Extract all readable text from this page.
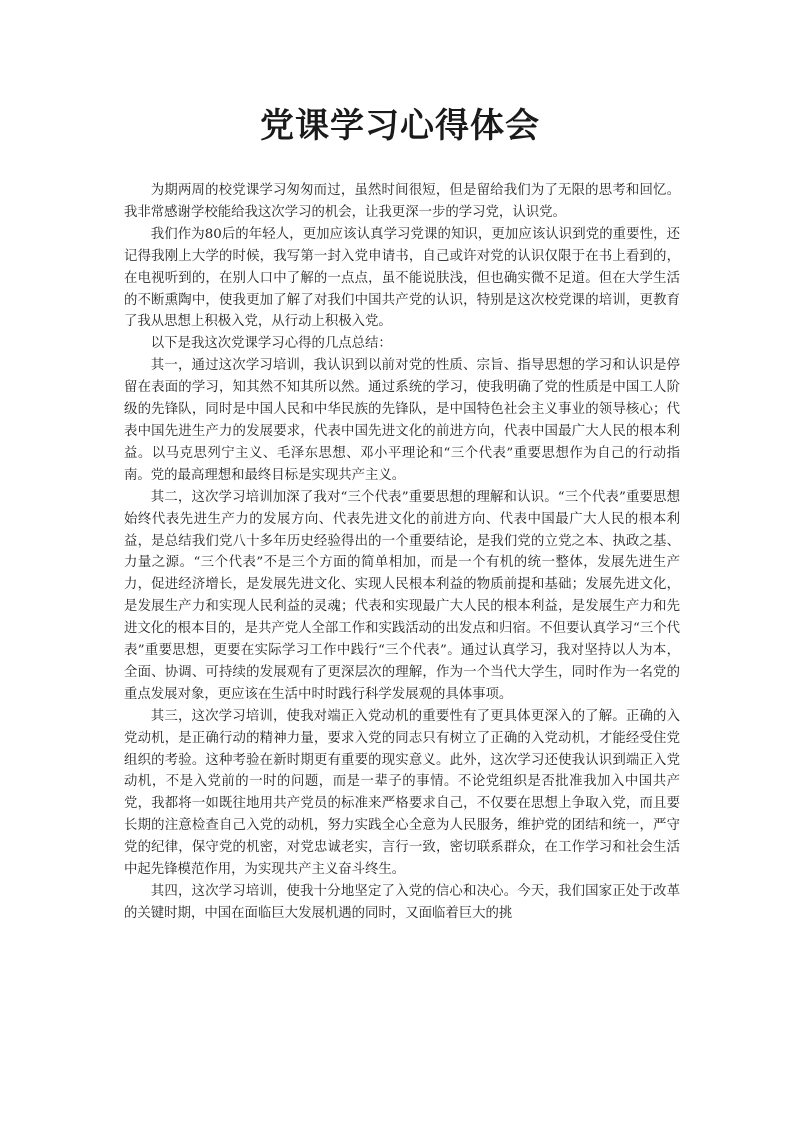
党课学习心得体会

为期两周的校党课学习匆匆而过，虽然时间很短，但是留给我们为了无限的思考和回忆。我非常感谢学校能给我这次学习的机会，让我更深一步的学习党，认识党。

我们作为80后的年轻人，更加应该认真学习党课的知识，更加应该认识到党的重要性，还记得我刚上大学的时候，我写第一封入党申请书，自己或许对党的认识仅限于在书上看到的，在电视听到的，在别人口中了解的一点点，虽不能说肤浅，但也确实微不足道。但在大学生活的不断熏陶中，使我更加了解了对我们中国共产党的认识，特别是这次校党课的培训，更教育了我从思想上积极入党，从行动上积极入党。

以下是我这次党课学习心得的几点总结：

其一，通过这次学习培训，我认识到以前对党的性质、宗旨、指导思想的学习和认识是停留在表面的学习，知其然不知其所以然。通过系统的学习，使我明确了党的性质是中国工人阶级的先锋队，同时是中国人民和中华民族的先锋队，是中国特色社会主义事业的领导核心；代表中国先进生产力的发展要求，代表中国先进文化的前进方向，代表中国最广大人民的根本利益。以马克思列宁主义、毛泽东思想、邓小平理论和“三个代表”重要思想作为自己的行动指南。党的最高理想和最终目标是实现共产主义。

其二，这次学习培训加深了我对“三个代表”重要思想的理解和认识。“三个代表”重要思想始终代表先进生产力的发展方向、代表先进文化的前进方向、代表中国最广大人民的根本利益，是总结我们党八十多年历史经验得出的一个重要结论，是我们党的立党之本、执政之基、力量之源。“三个代表”不是三个方面的简单相加，而是一个有机的统一整体，发展先进生产力，促进经济增长，是发展先进文化、实现人民根本利益的物质前提和基础；发展先进文化，是发展生产力和实现人民利益的灵魂；代表和实现最广大人民的根本利益，是发展生产力和先进文化的根本目的，是共产党人全部工作和实践活动的出发点和归宿。不但要认真学习“三个代表”重要思想，更要在实际学习工作中践行“三个代表”。通过认真学习，我对坚持以人为本，全面、协调、可持续的发展观有了更深层次的理解，作为一个当代大学生，同时作为一名党的重点发展对象，更应该在生活中时时践行科学发展观的具体事项。

其三，这次学习培训，使我对端正入党动机的重要性有了更具体更深入的了解。正确的入党动机，是正确行动的精神力量，要求入党的同志只有树立了正确的入党动机，才能经受住党组织的考验。这种考验在新时期更有重要的现实意义。此外，这次学习还使我认识到端正入党动机，不是入党前的一时的问题，而是一辈子的事情。不论党组织是否批准我加入中国共产党，我都将一如既往地用共产党员的标准来严格要求自己，不仅要在思想上争取入党，而且要长期的注意检查自己入党的动机，努力实践全心全意为人民服务，维护党的团结和统一，严守党的纪律，保守党的机密，对党忠诚老实，言行一致，密切联系群众，在工作学习和社会生活中起先锋模范作用，为实现共产主义奋斗终生。

其四，这次学习培训，使我十分地坚定了入党的信心和决心。今天，我们国家正处于改革的关键时期，中国在面临巨大发展机遇的同时，又面临着巨大的挑
